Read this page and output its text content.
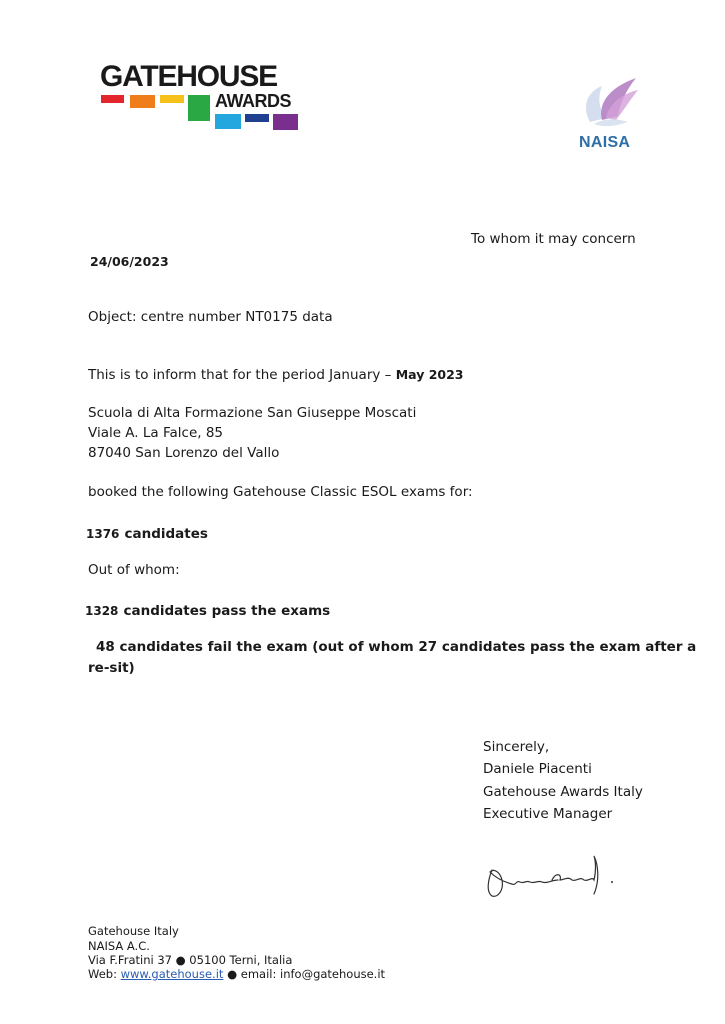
GATEHOUSE
AWARDS
NAISA
To whom it may concern
24/06/2023
Object: centre number NT0175 data
This is to inform that for the period January – May 2023
Scuola di Alta Formazione San Giuseppe Moscati
Viale A. La Falce, 85
87040 San Lorenzo del Vallo
booked the following Gatehouse Classic ESOL exams for:
1376 candidates
Out of whom:
1328 candidates pass the exams
48 candidates fail the exam (out of whom 27 candidates pass the exam after a
re-sit)
Sincerely,
Daniele Piacenti
Gatehouse Awards Italy
Executive Manager
Gatehouse Italy
NAISA A.C.
Via F.Fratini 37 ● 05100 Terni, Italia
Web: www.gatehouse.it ● email: info@gatehouse.it
